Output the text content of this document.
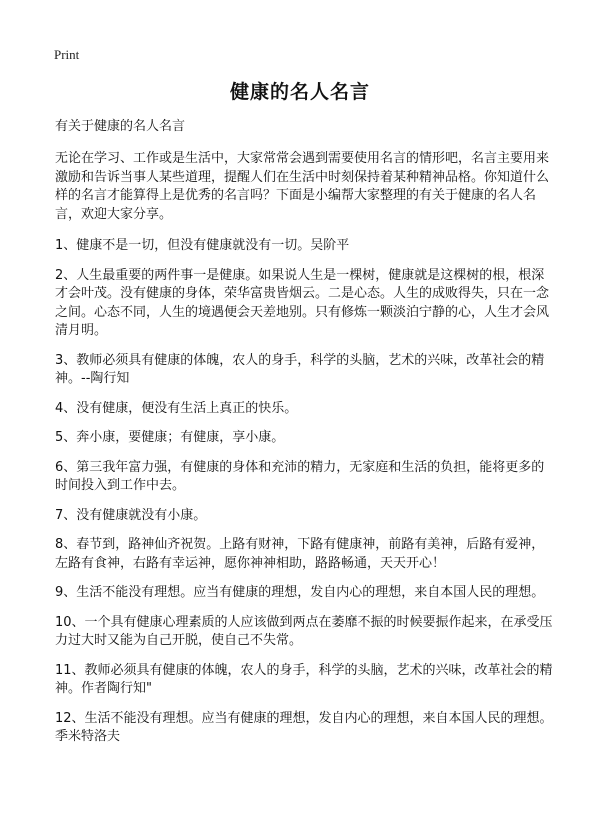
Print
健康的名人名言
有关于健康的名人名言
无论在学习、工作或是生活中，大家常常会遇到需要使用名言的情形吧，名言主要用来激励和告诉当事人某些道理，提醒人们在生活中时刻保持着某种精神品格。你知道什么样的名言才能算得上是优秀的名言吗？下面是小编帮大家整理的有关于健康的名人名言，欢迎大家分享。
1、健康不是一切，但没有健康就没有一切。吴阶平
2、人生最重要的两件事一是健康。如果说人生是一棵树，健康就是这棵树的根，根深才会叶茂。没有健康的身体，荣华富贵皆烟云。二是心态。人生的成败得失，只在一念之间。心态不同，人生的境遇便会天差地别。只有修炼一颗淡泊宁静的心，人生才会风清月明。
3、教师必须具有健康的体魄，农人的身手，科学的头脑，艺术的兴味，改革社会的精神。--陶行知
4、没有健康，便没有生活上真正的快乐。
5、奔小康，要健康；有健康，享小康。
6、第三我年富力强，有健康的身体和充沛的精力，无家庭和生活的负担，能将更多的时间投入到工作中去。
7、没有健康就没有小康。
8、春节到，路神仙齐祝贺。上路有财神，下路有健康神，前路有美神，后路有爱神，左路有食神，右路有幸运神，愿你神神相助，路路畅通，天天开心！
9、生活不能没有理想。应当有健康的理想，发自内心的理想，来自本国人民的理想。
10、一个具有健康心理素质的人应该做到两点在萎靡不振的时候要振作起来，在承受压力过大时又能为自己开脱，使自己不失常。
11、教师必须具有健康的体魄，农人的身手，科学的头脑，艺术的兴味，改革社会的精神。作者陶行知"
12、生活不能没有理想。应当有健康的理想，发自内心的理想，来自本国人民的理想。季米特洛夫
